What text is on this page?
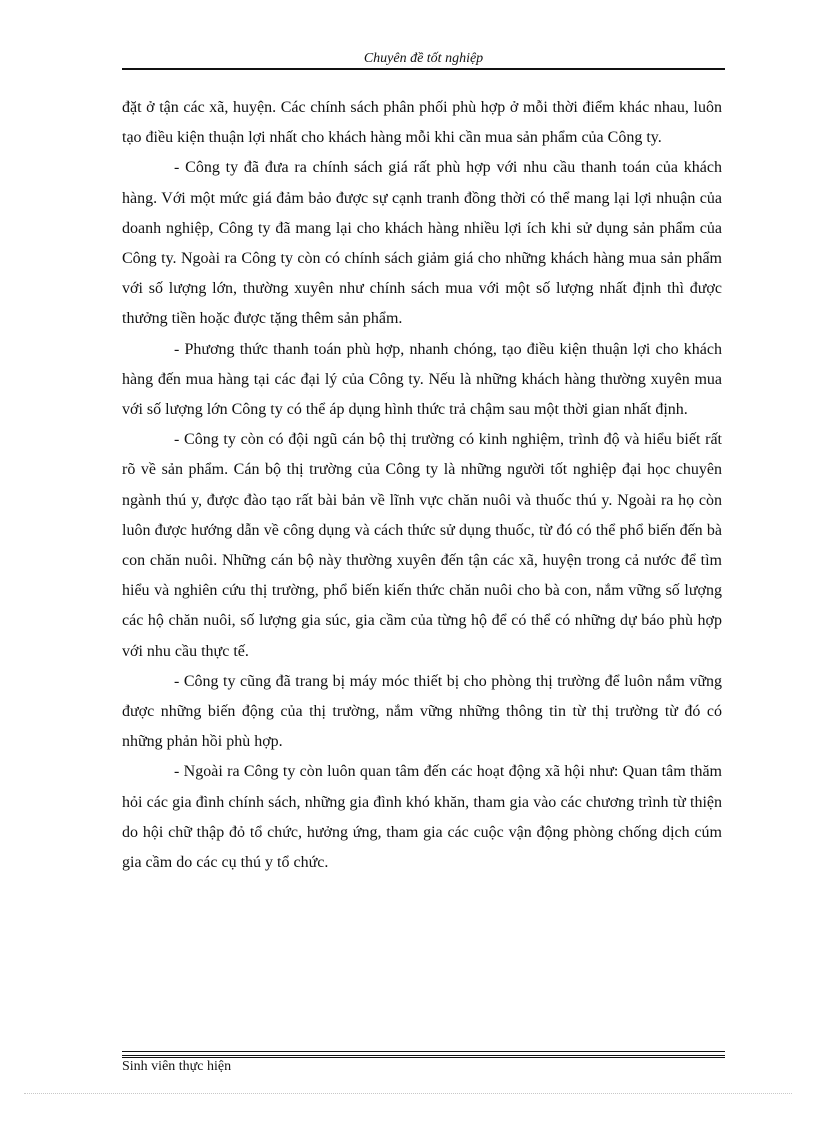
Chuyên đề tốt nghiệp

đặt ở tận các xã, huyện. Các chính sách phân phối phù hợp ở mỗi thời điểm khác nhau, luôn tạo điều kiện thuận lợi nhất cho khách hàng mỗi khi cần mua sản phẩm của Công ty.

- Công ty đã đưa ra chính sách giá rất phù hợp với nhu cầu thanh toán của khách hàng. Với một mức giá đảm bảo được sự cạnh tranh đồng thời có thể mang lại lợi nhuận của doanh nghiệp, Công ty đã mang lại cho khách hàng nhiều lợi ích khi sử dụng sản phẩm của Công ty. Ngoài ra Công ty còn có chính sách giảm giá cho những khách hàng mua sản phẩm với số lượng lớn, thường xuyên như chính sách mua với một số lượng nhất định thì được thưởng tiền hoặc được tặng thêm sản phẩm.

- Phương thức thanh toán phù hợp, nhanh chóng, tạo điều kiện thuận lợi cho khách hàng đến mua hàng tại các đại lý của Công ty. Nếu là những khách hàng thường xuyên mua với số lượng lớn Công ty có thể áp dụng hình thức trả chậm sau một thời gian nhất định.

- Công ty còn có đội ngũ cán bộ thị trường có kinh nghiệm, trình độ và hiểu biết rất rõ về sản phẩm. Cán bộ thị trường của Công ty là những người tốt nghiệp đại học chuyên ngành thú y, được đào tạo rất bài bản về lĩnh vực chăn nuôi và thuốc thú y. Ngoài ra họ còn luôn được hướng dẫn về công dụng và cách thức sử dụng thuốc, từ đó có thể phổ biến đến bà con chăn nuôi. Những cán bộ này thường xuyên đến tận các xã, huyện trong cả nước để tìm hiểu và nghiên cứu thị trường, phổ biến kiến thức chăn nuôi cho bà con, nắm vững số lượng các hộ chăn nuôi, số lượng gia súc, gia cầm của từng hộ để có thể có những dự báo phù hợp với nhu cầu thực tế.

- Công ty cũng đã trang bị máy móc thiết bị cho phòng thị trường để luôn nắm vững được những biến động của thị trường, nắm vững những thông tin từ thị trường từ đó có những phản hồi phù hợp.

- Ngoài ra Công ty còn luôn quan tâm đến các hoạt động xã hội như: Quan tâm thăm hỏi các gia đình chính sách, những gia đình khó khăn, tham gia vào các chương trình từ thiện do hội chữ thập đỏ tổ chức, hưởng ứng, tham gia các cuộc vận động phòng chống dịch cúm gia cầm do các cụ thú y tổ chức.

Sinh viên thực hiện
